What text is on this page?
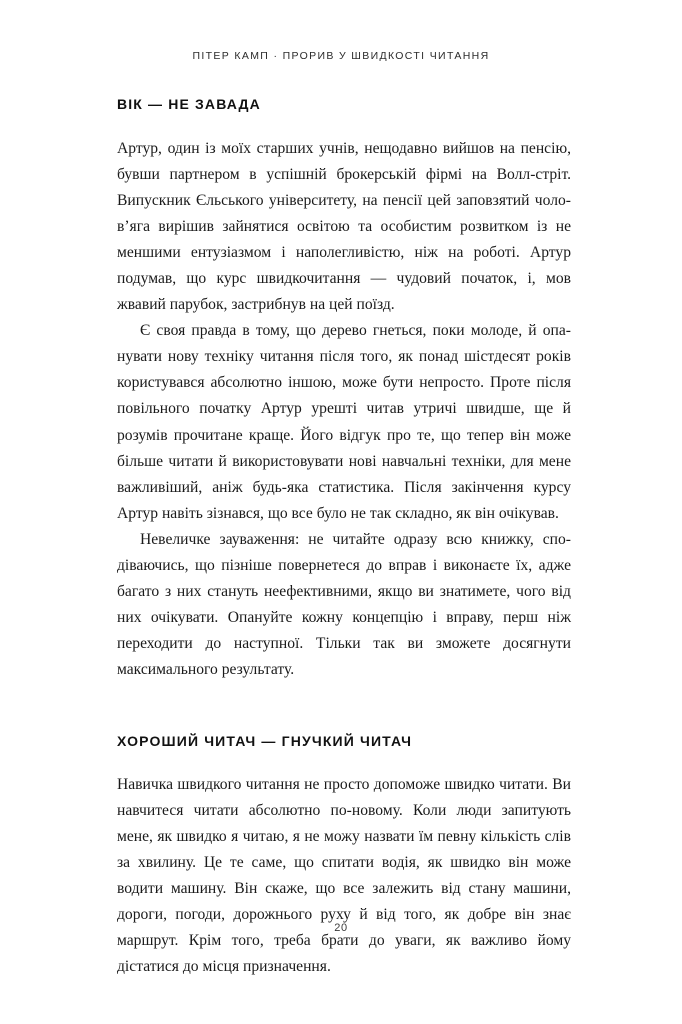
ПІТЕР КАМП · ПРОРИВ У ШВИДКОСТІ ЧИТАННЯ
ВІК — НЕ ЗАВАДА

Артур, один із моїх старших учнів, нещодавно вийшов на пенсію, бувши партнером в успішній брокерській фірмі на Волл-стріт. Випускник Єльського університету, на пенсії цей заповзятий чолов’яга вирішив зайнятися освітою та особистим розвитком із не меншими ентузіазмом і наполегливістю, ніж на роботі. Артур подумав, що курс швидкочитання — чудовий початок, і, мов жвавий парубок, застрибнув на цей поїзд.

Є своя правда в тому, що дерево гнеться, поки молоде, й опанувати нову техніку читання після того, як понад шістдесят років користувався абсолютно іншою, може бути непросто. Проте після повільного початку Артур урешті читав утричі швидше, ще й розумів прочитане краще. Його відгук про те, що тепер він може більше читати й використовувати нові навчальні техніки, для мене важливіший, аніж будь-яка статистика. Після закінчення курсу Артур навіть зізнався, що все було не так складно, як він очікував.

Невеличке зауваження: не читайте одразу всю книжку, сподіваючись, що пізніше повернетеся до вправ і виконаєте їх, адже багато з них стануть неефективними, якщо ви знатимете, чого від них очікувати. Опануйте кожну концепцію і вправу, перш ніж переходити до наступної. Тільки так ви зможете досягнути максимального результату.

ХОРОШИЙ ЧИТАЧ — ГНУЧКИЙ ЧИТАЧ

Навичка швидкого читання не просто допоможе швидко читати. Ви навчитеся читати абсолютно по-новому. Коли люди запитують мене, як швидко я читаю, я не можу назвати їм певну кількість слів за хвилину. Це те саме, що спитати водія, як швидко він може водити машину. Він скаже, що все залежить від стану машини, дороги, погоди, дорожнього руху й від того, як добре він знає маршрут. Крім того, треба брати до уваги, як важливо йому дістатися до місця призначення.

20
